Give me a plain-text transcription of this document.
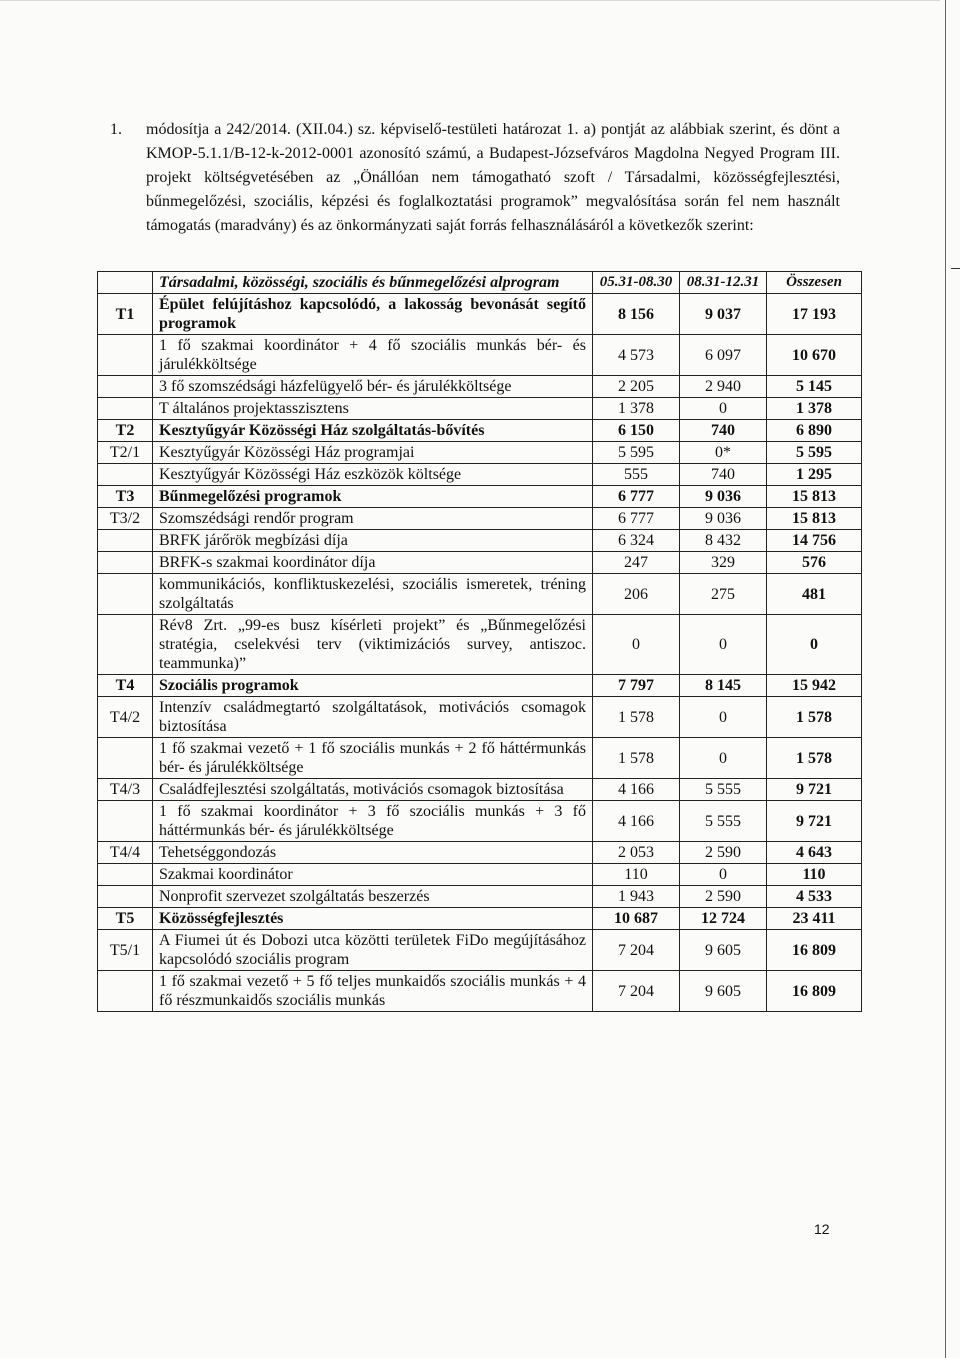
1. módosítja a 242/2014. (XII.04.) sz. képviselő-testületi határozat 1. a) pontját az alábbiak szerint, és dönt a KMOP-5.1.1/B-12-k-2012-0001 azonosító számú, a Budapest-Józsefváros Magdolna Negyed Program III. projekt költségvetésében az „Önállóan nem támogatható szoft / Társadalmi, közösségfejlesztési, bűnmegelőzési, szociális, képzési és foglalkoztatási programok” megvalósítása során fel nem használt támogatás (maradvány) és az önkormányzati saját forrás felhasználásáról a következők szerint:
	Társadalmi, közösségi, szociális és bűnmegelőzési alprogram	05.31-08.30	08.31-12.31	Összesen
T1	Épület felújításhoz kapcsolódó, a lakosság bevonását segítő programok	8 156	9 037	17 193
	1 fő szakmai koordinátor + 4 fő szociális munkás bér- és járulékköltsége	4 573	6 097	10 670
	3 fő szomszédsági házfelügyelő bér- és járulékköltsége	2 205	2 940	5 145
	T általános projektasszisztens	1 378	0	1 378
T2	Kesztyűgyár Közösségi Ház szolgáltatás-bővítés	6 150	740	6 890
T2/1	Kesztyűgyár Közösségi Ház programjai	5 595	0*	5 595
	Kesztyűgyár Közösségi Ház eszközök költsége	555	740	1 295
T3	Bűnmegelőzési programok	6 777	9 036	15 813
T3/2	Szomszédsági rendőr program	6 777	9 036	15 813
	BRFK járőrök megbízási díja	6 324	8 432	14 756
	BRFK-s szakmai koordinátor díja	247	329	576
	kommunikációs, konfliktuskezelési, szociális ismeretek, tréning szolgáltatás	206	275	481
	Rév8 Zrt. „99-es busz kísérleti projekt” és „Bűnmegelőzési stratégia, cselekvési terv (viktimizációs survey, antiszoc. teammunka)”	0	0	0
T4	Szociális programok	7 797	8 145	15 942
T4/2	Intenzív családmegtartó szolgáltatások, motivációs csomagok biztosítása	1 578	0	1 578
	1 fő szakmai vezető + 1 fő szociális munkás + 2 fő háttérmunkás bér- és járulékköltsége	1 578	0	1 578
T4/3	Családfejlesztési szolgáltatás, motivációs csomagok biztosítása	4 166	5 555	9 721
	1 fő szakmai koordinátor + 3 fő szociális munkás + 3 fő háttérmunkás bér- és járulékköltsége	4 166	5 555	9 721
T4/4	Tehetséggondozás	2 053	2 590	4 643
	Szakmai koordinátor	110	0	110
	Nonprofit szervezet szolgáltatás beszerzés	1 943	2 590	4 533
T5	Közösségfejlesztés	10 687	12 724	23 411
T5/1	A Fiumei út és Dobozi utca közötti területek FiDo megújításához kapcsolódó szociális program	7 204	9 605	16 809
	1 fő szakmai vezető + 5 fő teljes munkaidős szociális munkás + 4 fő részmunkaidős szociális munkás	7 204	9 605	16 809
12
